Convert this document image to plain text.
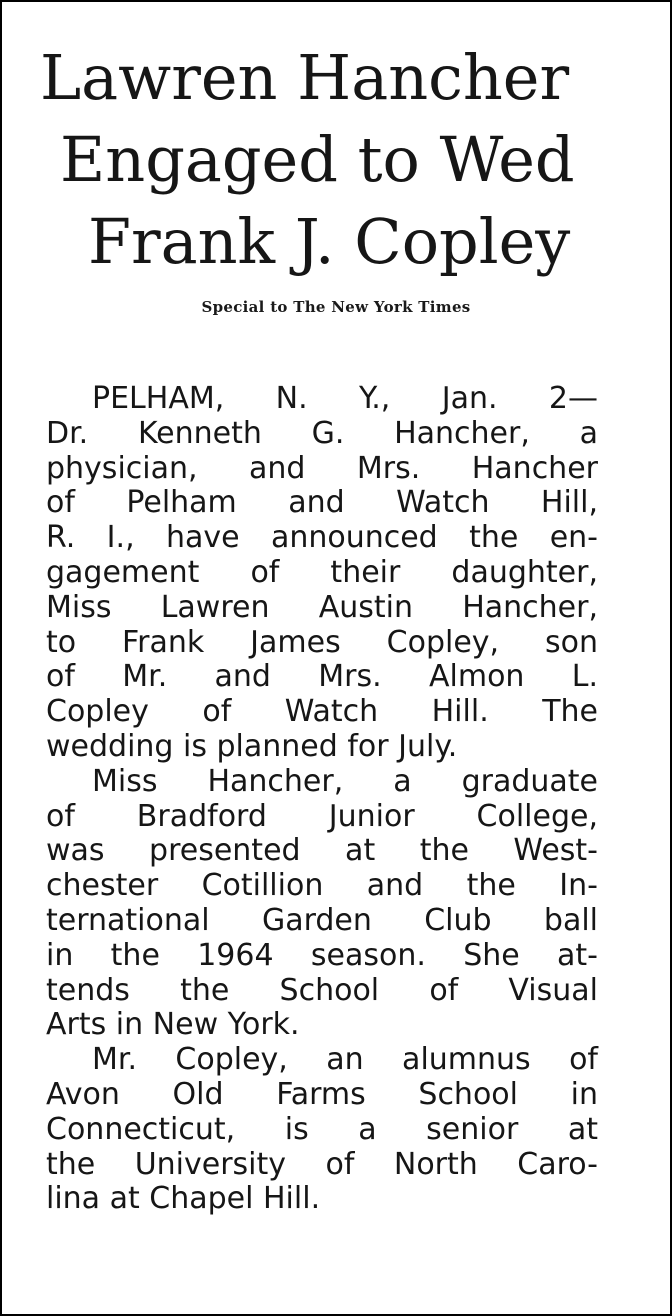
Lawren Hancher
Engaged to Wed
Frank J. Copley
Special to The New York Times
PELHAM, N. Y., Jan. 2—
Dr. Kenneth G. Hancher, a
physician, and Mrs. Hancher
of Pelham and Watch Hill,
R. I., have announced the en-
gagement of their daughter,
Miss Lawren Austin Hancher,
to Frank James Copley, son
of Mr. and Mrs. Almon L.
Copley of Watch Hill. The
wedding is planned for July.
Miss Hancher, a graduate
of Bradford Junior College,
was presented at the West-
chester Cotillion and the In-
ternational Garden Club ball
in the 1964 season. She at-
tends the School of Visual
Arts in New York.
Mr. Copley, an alumnus of
Avon Old Farms School in
Connecticut, is a senior at
the University of North Caro-
lina at Chapel Hill.
